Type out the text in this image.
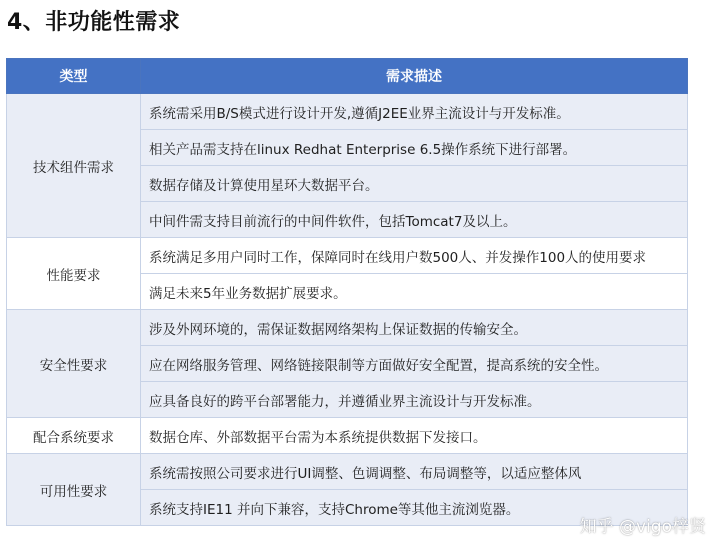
4、非功能性需求
类型	需求描述
技术组件需求	系统需采用B/S模式进行设计开发,遵循J2EE业界主流设计与开发标准。
	相关产品需支持在linux Redhat Enterprise 6.5操作系统下进行部署。
	数据存储及计算使用星环大数据平台。
	中间件需支持目前流行的中间件软件，包括Tomcat7及以上。
性能要求	系统满足多用户同时工作，保障同时在线用户数500人、并发操作100人的使用要求
	满足未来5年业务数据扩展要求。
安全性要求	涉及外网环境的，需保证数据网络架构上保证数据的传输安全。
	应在网络服务管理、网络链接限制等方面做好安全配置，提高系统的安全性。
	应具备良好的跨平台部署能力，并遵循业界主流设计与开发标准。
配合系统要求	数据仓库、外部数据平台需为本系统提供数据下发接口。
可用性要求	系统需按照公司要求进行UI调整、色调调整、布局调整等，以适应整体风
	系统支持IE11 并向下兼容，支持Chrome等其他主流浏览器。
知乎 @vigo梓贤
